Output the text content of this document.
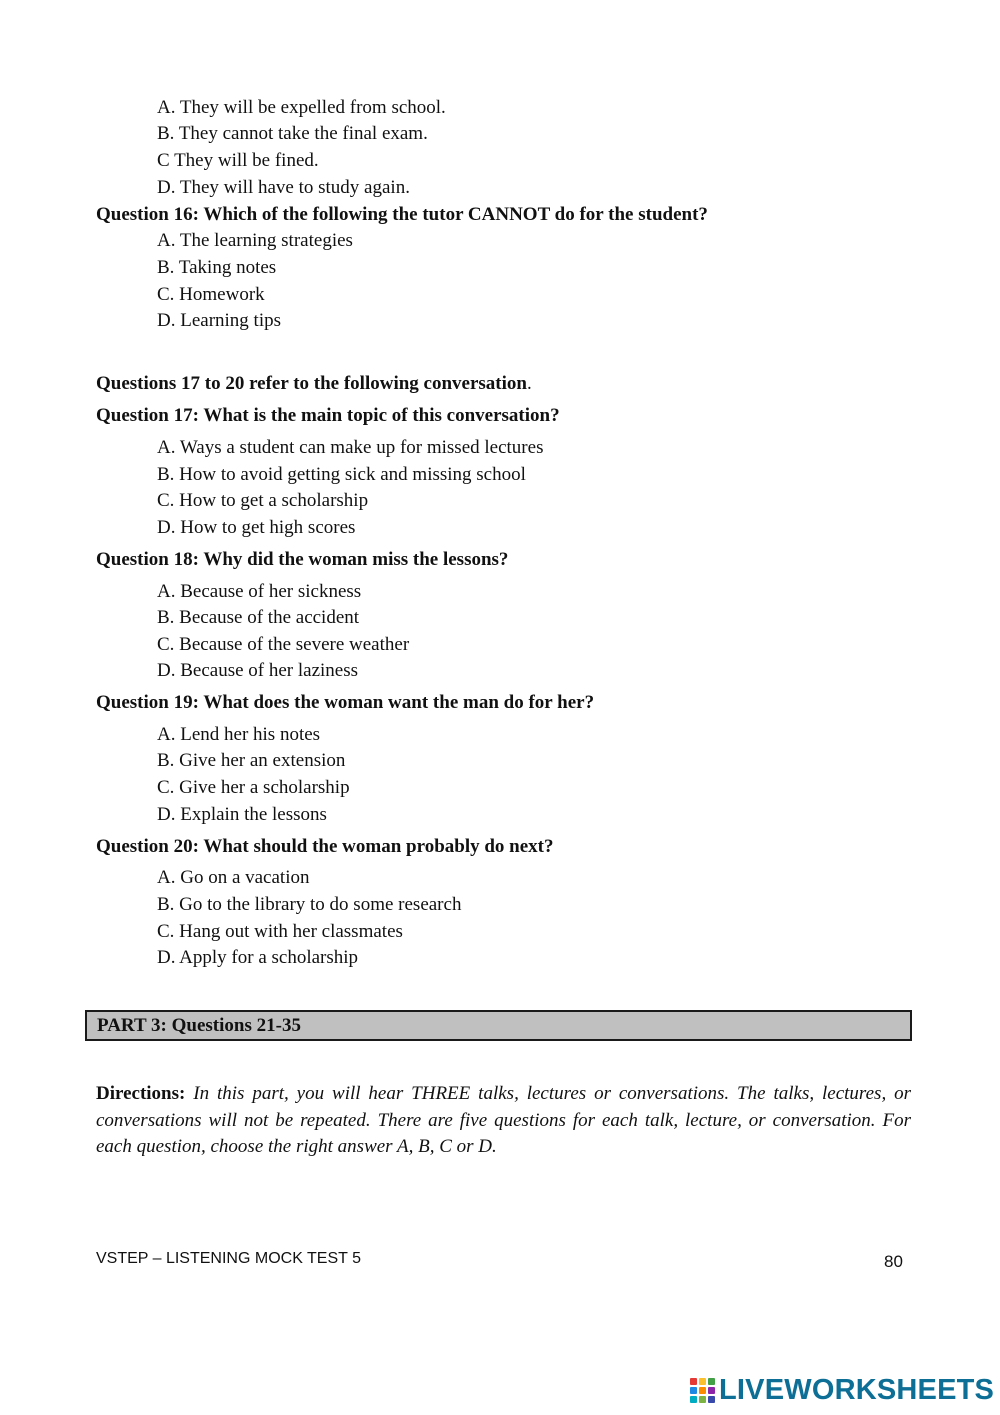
A. They will be expelled from school.
B. They cannot take the final exam.
C They will be fined.
D. They will have to study again.
Question 16: Which of the following the tutor CANNOT do for the student?
A. The learning strategies
B. Taking notes
C. Homework
D. Learning tips
Questions 17 to 20 refer to the following conversation.
Question 17: What is the main topic of this conversation?
A. Ways a student can make up for missed lectures
B. How to avoid getting sick and missing school
C. How to get a scholarship
D. How to get high scores
Question 18: Why did the woman miss the lessons?
A. Because of her sickness
B. Because of the accident
C. Because of the severe weather
D. Because of her laziness
Question 19: What does the woman want the man do for her?
A. Lend her his notes
B. Give her an extension
C. Give her a scholarship
D. Explain the lessons
Question 20: What should the woman probably do next?
A. Go on a vacation
B. Go to the library to do some research
C. Hang out with her classmates
D. Apply for a scholarship
PART 3: Questions 21-35
Directions: In this part, you will hear THREE talks, lectures or conversations. The talks, lectures, or conversations will not be repeated. There are five questions for each talk, lecture, or conversation. For each question, choose the right answer A, B, C or D.
VSTEP – LISTENING MOCK TEST 5	80
LIVEWORKSHEETS
